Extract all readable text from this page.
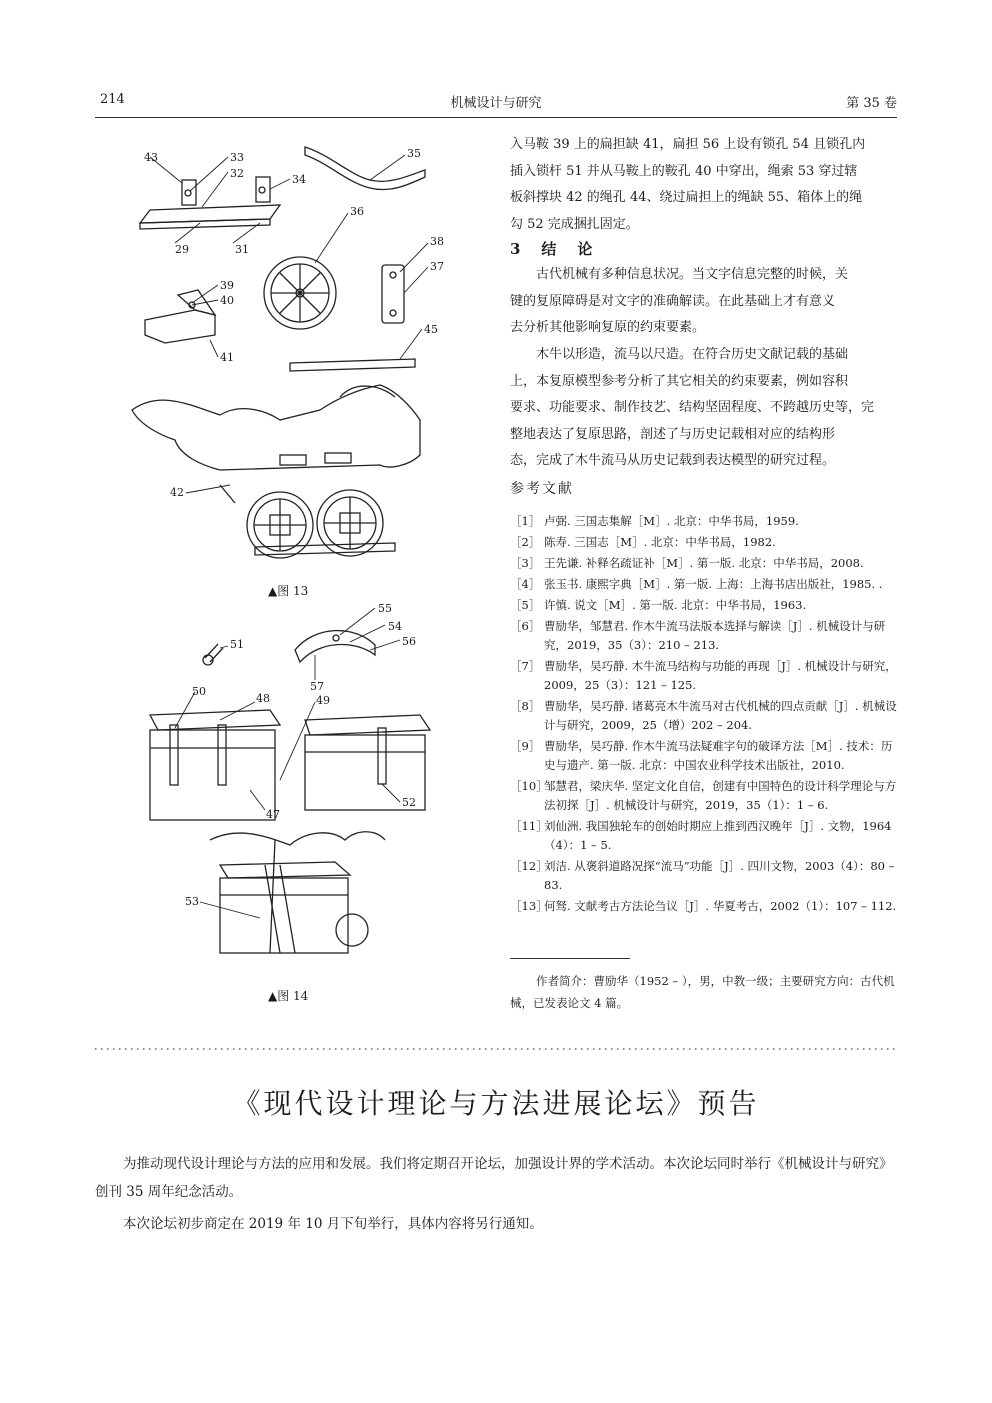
214	机械设计与研究	第 35 卷
43	33
32	34
35
29	31
36
38
37
39
40
41
45
42
▲图 13
55
54
56
51
57
50
48	49
47
52
53
▲图 14
入马鞍 39 上的扁担缺 41，扁担 56 上设有锁孔 54 且锁孔内
插入锁杆 51 并从马鞍上的鞍孔 40 中穿出，绳索 53 穿过辖
板斜撑块 42 的绳孔 44、绕过扁担上的绳缺 55、箱体上的绳
勾 52 完成捆扎固定。
3　结　论
古代机械有多种信息状况。当文字信息完整的时候，关
键的复原障碍是对文字的准确解读。在此基础上才有意义
去分析其他影响复原的约束要素。
木牛以形造，流马以尺造。在符合历史文献记载的基础
上，本复原模型参考分析了其它相关的约束要素，例如容积
要求、功能要求、制作技艺、结构坚固程度、不跨越历史等，完
整地表达了复原思路，剖述了与历史记载相对应的结构形
态，完成了木牛流马从历史记载到表达模型的研究过程。
参考文献
［1］ 卢弼. 三国志集解［M］. 北京：中华书局，1959.
［2］ 陈寿. 三国志［M］. 北京：中华书局，1982.
［3］ 王先谦. 补释名疏证补［M］. 第一版. 北京：中华书局，2008.
［4］ 张玉书. 康熙字典［M］. 第一版. 上海：上海书店出版社，1985. .
［5］ 许慎. 说文［M］. 第一版. 北京：中华书局，1963.
［6］ 曹励华，邹慧君. 作木牛流马法版本选择与解读［J］. 机械设计与研究，2019，35（3）：210 – 213.
［7］ 曹励华，吴巧静. 木牛流马结构与功能的再现［J］. 机械设计与研究，2009，25（3）：121 – 125.
［8］ 曹励华，吴巧静. 诸葛亮木牛流马对古代机械的四点贡献［J］. 机械设计与研究，2009，25（增）202 – 204.
［9］ 曹励华，吴巧静. 作木牛流马法疑难字句的破译方法［M］. 技术：历史与遗产. 第一版. 北京：中国农业科学技术出版社，2010.
［10］
邹慧君，梁庆华. 坚定文化自信，创建有中国特色的设计科学理论与方法初探［J］. 机械设计与研究，2019，35（1）：1 – 6.
［11］
刘仙洲. 我国独轮车的创始时期应上推到西汉晚年［J］. 文物，1964（4）：1 – 5.
［12］
刘洁. 从褒斜道路况探“流马”功能［J］. 四川文物，2003（4）：80 – 83.
［13］
何驽. 文献考古方法论刍议［J］. 华夏考古，2002（1）：107 – 112.
作者简介：曹励华（1952 – ），男，中教一级；主要研究方向：古代机械，已发表论文 4 篇。
《现代设计理论与方法进展论坛》预告
为推动现代设计理论与方法的应用和发展。我们将定期召开论坛，加强设计界的学术活动。本次论坛同时举行《机械设计与研究》创刊 35 周年纪念活动。
本次论坛初步商定在 2019 年 10 月下旬举行，具体内容将另行通知。
